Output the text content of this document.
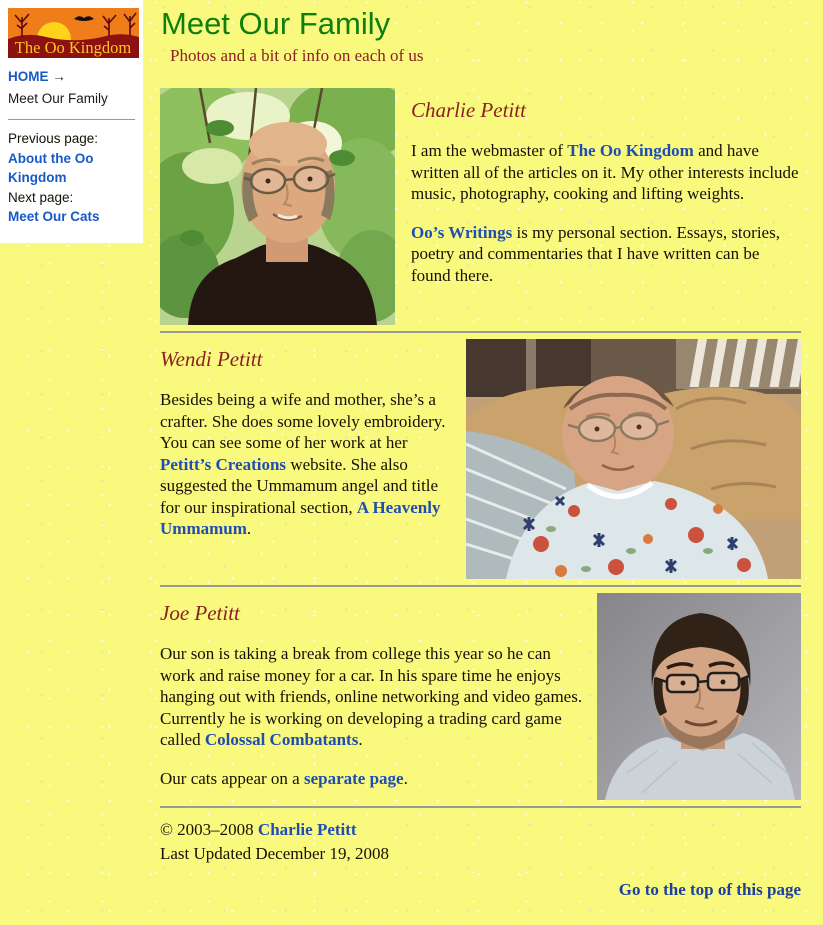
The Oo Kingdom
HOME →
Meet Our Family
Previous page:
About the Oo Kingdom
Next page:
Meet Our Cats
Meet Our Family
Photos and a bit of info on each of us
Charlie Petitt

I am the webmaster of The Oo Kingdom and have written all of the articles on it. My other interests include music, photography, cooking and lifting weights.

Oo’s Writings is my personal section. Essays, stories, poetry and commentaries that I have written can be found there.

Wendi Petitt

Besides being a wife and mother, she’s a crafter. She does some lovely embroidery. You can see some of her work at her Petitt’s Creations website. She also suggested the Ummamum angel and title for our inspirational section, A Heavenly Ummamum.

Joe Petitt

Our son is taking a break from college this year so he can work and raise money for a car. In his spare time he enjoys hanging out with friends, online networking and video games. Currently he is working on developing a trading card game called Colossal Combatants.

Our cats appear on a separate page.

© 2003–2008 Charlie Petitt
Last Updated December 19, 2008
Go to the top of this page
